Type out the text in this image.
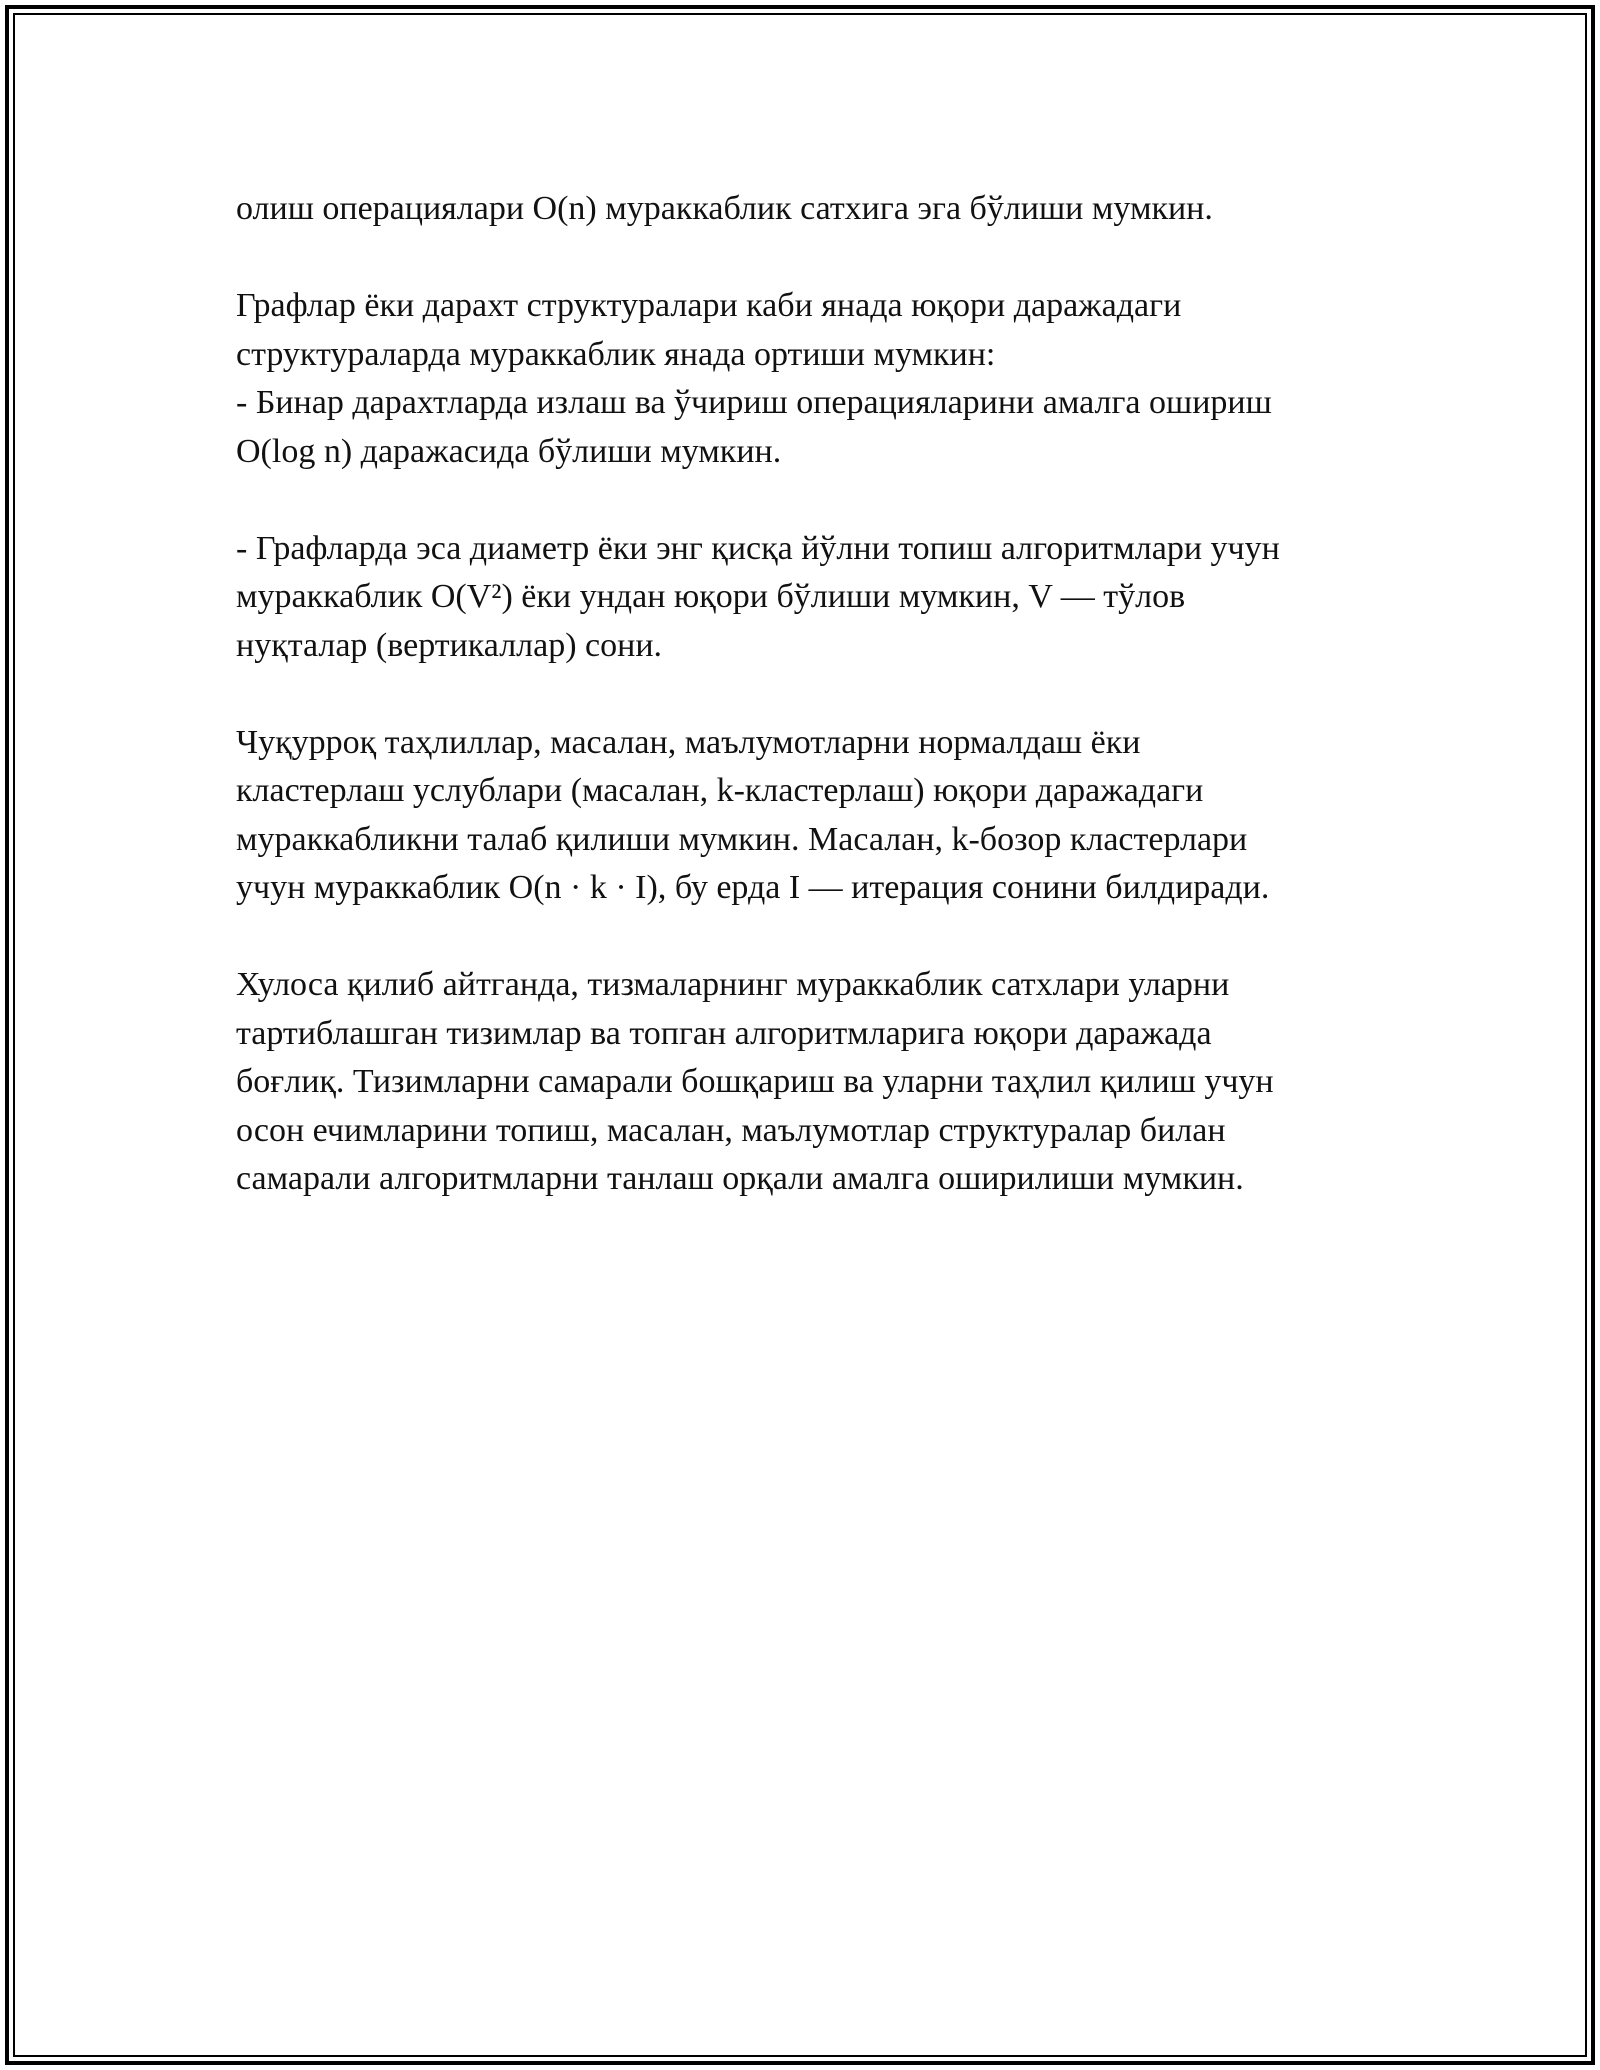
олиш операциялари O(n) мураккаблик сатхига эга бўлиши мумкин.
Графлар ёки дарахт структуралари каби янада юқори даражадаги
структураларда мураккаблик янада ортиши мумкин:
- Бинар дарахтларда излаш ва ўчириш операцияларини амалга ошириш
O(log n) даражасида бўлиши мумкин.
- Графларда эса диаметр ёки энг қисқа йўлни топиш алгоритмлари учун
мураккаблик O(V²) ёки ундан юқори бўлиши мумкин, V — тўлов
нуқталар (вертикаллар) сони.
Чуқурроқ таҳлиллар, масалан, маълумотларни нормалдаш ёки
кластерлаш услублари (масалан, k-кластерлаш) юқори даражадаги
мураккабликни талаб қилиши мумкин. Масалан, k-бозор кластерлари
учун мураккаблик O(n · k · I), бу ерда I — итерация сонини билдиради.
Хулоса қилиб айтганда, тизмаларнинг мураккаблик сатхлари уларни
тартиблашган тизимлар ва топган алгоритмларига юқори даражада
боғлиқ. Тизимларни самарали бошқариш ва уларни таҳлил қилиш учун
осон ечимларини топиш, масалан, маълумотлар структуралар билан
самарали алгоритмларни танлаш орқали амалга оширилиши мумкин.
